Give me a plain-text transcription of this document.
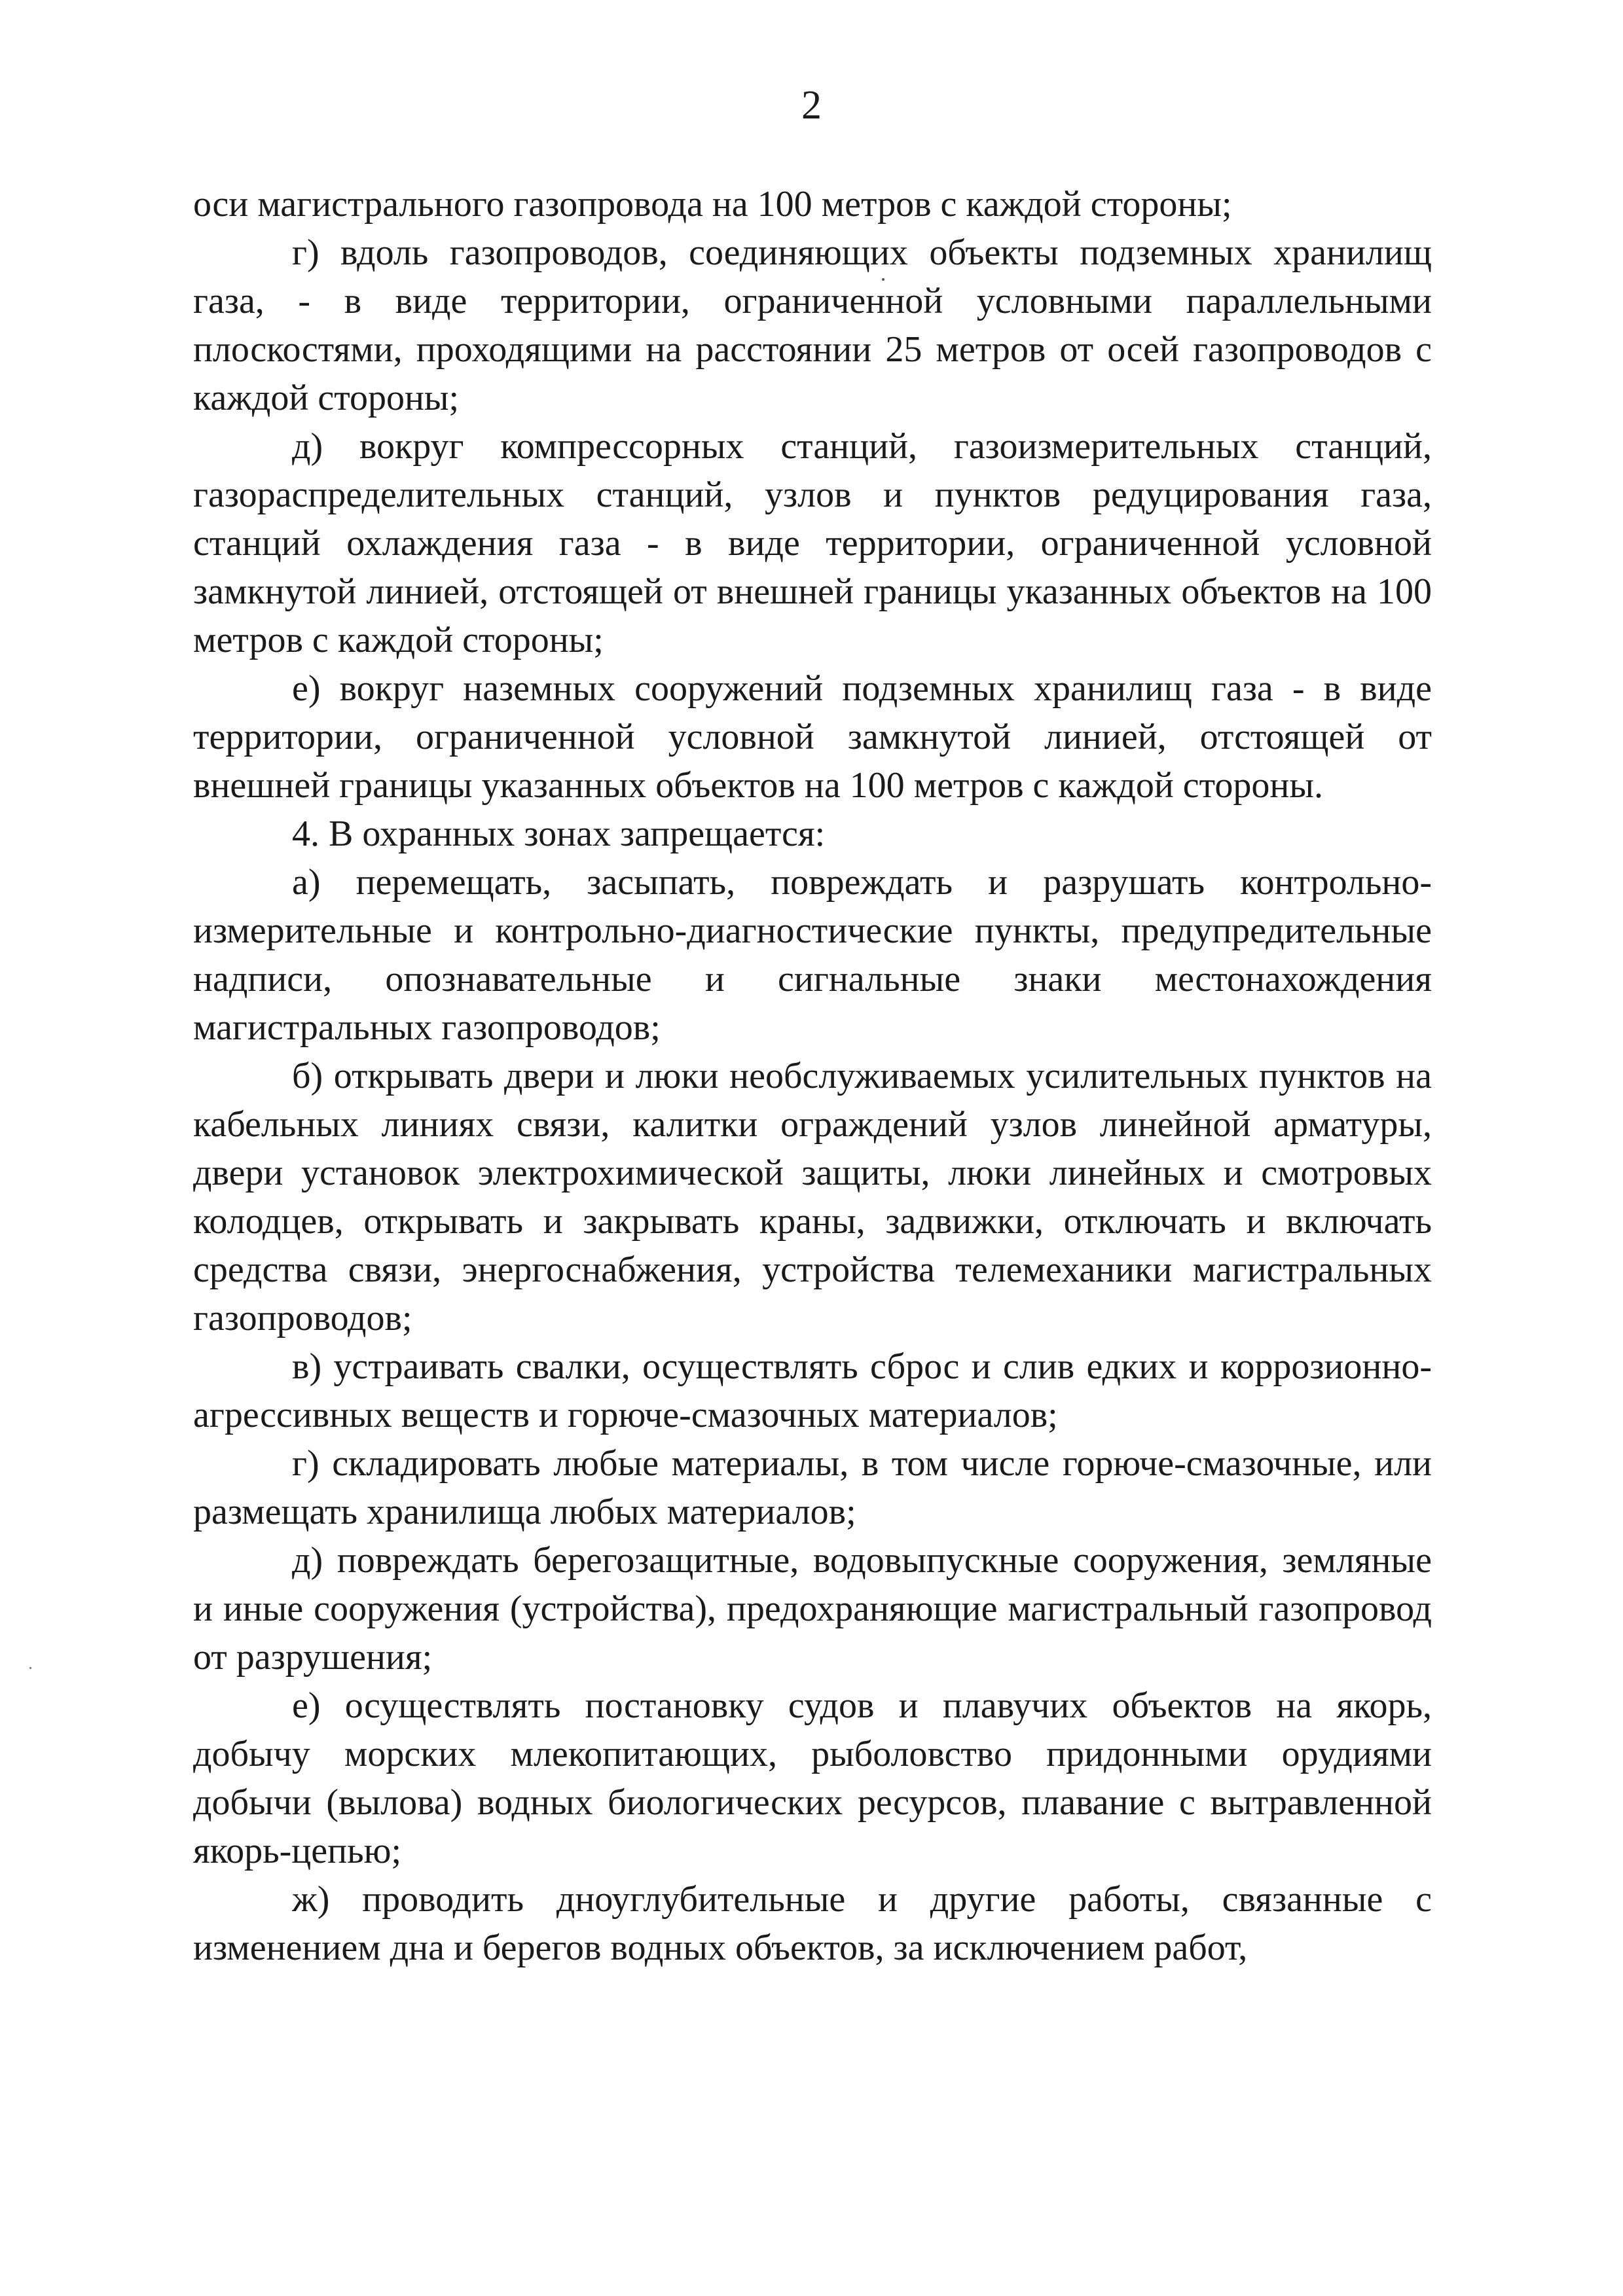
2

оси магистрального газопровода на 100 метров с каждой стороны;

г) вдоль газопроводов, соединяющих объекты подземных хранилищ газа, - в виде территории, ограниченной условными параллельными плоскостями, проходящими на расстоянии 25 метров от осей газопроводов с каждой стороны;

д) вокруг компрессорных станций, газоизмерительных станций, газораспределительных станций, узлов и пунктов редуцирования газа, станций охлаждения газа - в виде территории, ограниченной условной замкнутой линией, отстоящей от внешней границы указанных объектов на 100 метров с каждой стороны;

е) вокруг наземных сооружений подземных хранилищ газа - в виде территории, ограниченной условной замкнутой линией, отстоящей от внешней границы указанных объектов на 100 метров с каждой стороны.

4. В охранных зонах запрещается:

а) перемещать, засыпать, повреждать и разрушать контрольно-измерительные и контрольно-диагностические пункты, предупредительные надписи, опознавательные и сигнальные знаки местонахождения магистральных газопроводов;

б) открывать двери и люки необслуживаемых усилительных пунктов на кабельных линиях связи, калитки ограждений узлов линейной арматуры, двери установок электрохимической защиты, люки линейных и смотровых колодцев, открывать и закрывать краны, задвижки, отключать и включать средства связи, энергоснабжения, устройства телемеханики магистральных газопроводов;

в) устраивать свалки, осуществлять сброс и слив едких и коррозионно-агрессивных веществ и горюче-смазочных материалов;

г) складировать любые материалы, в том числе горюче-смазочные, или размещать хранилища любых материалов;

д) повреждать берегозащитные, водовыпускные сооружения, земляные и иные сооружения (устройства), предохраняющие магистральный газопровод от разрушения;

е) осуществлять постановку судов и плавучих объектов на якорь, добычу морских млекопитающих, рыболовство придонными орудиями добычи (вылова) водных биологических ресурсов, плавание с вытравленной якорь-цепью;

ж) проводить дноуглубительные и другие работы, связанные с изменением дна и берегов водных объектов, за исключением работ,
